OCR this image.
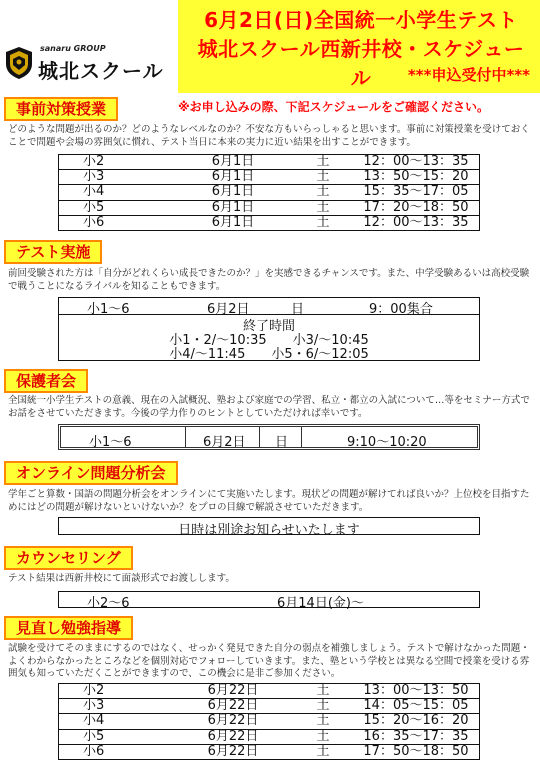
6月2日(日)全国統一小学生テスト
城北スクール西新井校・スケジュール	***申込受付中***
sanaru GROUP
城北スクール
事前対策授業	※お申し込みの際、下記スケジュールをご確認ください。
どのような問題が出るのか？どのようなレベルなのか？不安な方もいらっしゃると思います。事前に対策授業を受けておくことで問題や会場の雰囲気に慣れ、テスト当日に本来の実力に近い結果を出すことができます。
小2	6月1日	土	12：00〜13：35
小3	6月1日	土	13：50〜15：20
小4	6月1日	土	15：35〜17：05
小5	6月1日	土	17：20〜18：50
小6	6月1日	土	12：00〜13：35
テスト実施
前回受験された方は「自分がどれくらい成長できたのか？」を実感できるチャンスです。また、中学受験あるいは高校受験で戦うことになるライバルを知ることもできます。
小1〜6	6月2日	日	9：00集合
終了時間
小1・2/〜10:35　　小3/〜10:45
小4/〜11:45　　小5・6/〜12:05
保護者会
全国統一小学生テストの意義、現在の入試概況、塾および家庭での学習、私立・都立の入試について…等をセミナー方式でお話をさせていただきます。今後の学力作りのヒントとしていただければ幸いです。
小1〜6	6月2日 日	9:10〜10:20
オンライン問題分析会
学年ごと算数・国語の問題分析会をオンラインにて実施いたします。現状どの問題が解けてれば良いか？上位校を目指すためにはどの問題が解けないといけないか？をプロの目線で解説させていただきます。
日時は別途お知らせいたします
カウンセリング
テスト結果は西新井校にて面談形式でお渡しします。
小2〜6	6月14日(金)〜
見直し勉強指導
試験を受けてそのままにするのではなく、せっかく発見できた自分の弱点を補強しましょう。テストで解けなかった問題・よくわからなかったところなどを個別対応でフォローしていきます。また、塾という学校とは異なる空間で授業を受ける雰囲気も知っていただくことができますので、この機会に是非ご参加ください。
小2	6月22日	土	13：00〜13：50
小3	6月22日	土	14：05〜15：05
小4	6月22日	土	15：20〜16：20
小5	6月22日	土	16：35〜17：35
小6	6月22日	土	17：50〜18：50
